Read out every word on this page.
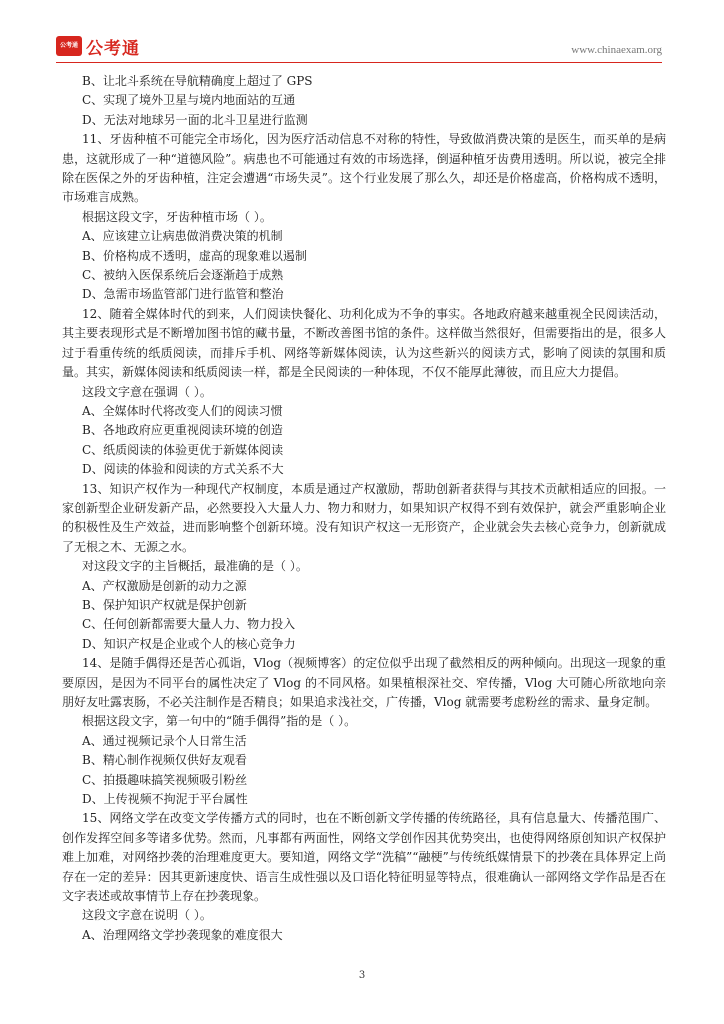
公考通 公考通	www.chinaexam.org

B、让北斗系统在导航精确度上超过了 GPS

C、实现了境外卫星与境内地面站的互通

D、无法对地球另一面的北斗卫星进行监测

11、牙齿种植不可能完全市场化，因为医疗活动信息不对称的特性，导致做消费决策的是医生，而买单的是病患，这就形成了一种“道德风险”。病患也不可能通过有效的市场选择，倒逼种植牙齿费用透明。所以说，被完全排除在医保之外的牙齿种植，注定会遭遇“市场失灵”。这个行业发展了那么久，却还是价格虚高，价格构成不透明，市场难言成熟。

根据这段文字，牙齿种植市场（ ）。

A、应该建立让病患做消费决策的机制

B、价格构成不透明，虚高的现象难以遏制

C、被纳入医保系统后会逐渐趋于成熟

D、急需市场监管部门进行监管和整治

12、随着全媒体时代的到来，人们阅读快餐化、功利化成为不争的事实。各地政府越来越重视全民阅读活动，其主要表现形式是不断增加图书馆的藏书量，不断改善图书馆的条件。这样做当然很好，但需要指出的是，很多人过于看重传统的纸质阅读，而排斥手机、网络等新媒体阅读，认为这些新兴的阅读方式，影响了阅读的氛围和质量。其实，新媒体阅读和纸质阅读一样，都是全民阅读的一种体现，不仅不能厚此薄彼，而且应大力提倡。

这段文字意在强调（ ）。

A、全媒体时代将改变人们的阅读习惯

B、各地政府应更重视阅读环境的创造

C、纸质阅读的体验更优于新媒体阅读

D、阅读的体验和阅读的方式关系不大

13、知识产权作为一种现代产权制度，本质是通过产权激励，帮助创新者获得与其技术贡献相适应的回报。一家创新型企业研发新产品，必然要投入大量人力、物力和财力，如果知识产权得不到有效保护，就会严重影响企业的积极性及生产效益，进而影响整个创新环境。没有知识产权这一无形资产，企业就会失去核心竞争力，创新就成了无根之木、无源之水。

对这段文字的主旨概括，最准确的是（ ）。

A、产权激励是创新的动力之源

B、保护知识产权就是保护创新

C、任何创新都需要大量人力、物力投入

D、知识产权是企业或个人的核心竞争力

14、是随手偶得还是苦心孤诣，Vlog（视频博客）的定位似乎出现了截然相反的两种倾向。出现这一现象的重要原因，是因为不同平台的属性决定了 Vlog 的不同风格。如果植根深社交、窄传播，Vlog 大可随心所欲地向亲朋好友吐露衷肠，不必关注制作是否精良；如果追求浅社交，广传播，Vlog 就需要考虑粉丝的需求、量身定制。

根据这段文字，第一句中的“随手偶得”指的是（ ）。

A、通过视频记录个人日常生活

B、精心制作视频仅供好友观看

C、拍摄趣味搞笑视频吸引粉丝

D、上传视频不拘泥于平台属性

15、网络文学在改变文学传播方式的同时，也在不断创新文学传播的传统路径，具有信息量大、传播范围广、创作发挥空间多等诸多优势。然而，凡事都有两面性，网络文学创作因其优势突出，也使得网络原创知识产权保护难上加难，对网络抄袭的治理难度更大。要知道，网络文学“洗稿”“融梗”与传统纸媒情景下的抄袭在具体界定上尚存在一定的差异：因其更新速度快、语言生成性强以及口语化特征明显等特点，很难确认一部网络文学作品是否在文字表述或故事情节上存在抄袭现象。

这段文字意在说明（ ）。

A、治理网络文学抄袭现象的难度很大

3
